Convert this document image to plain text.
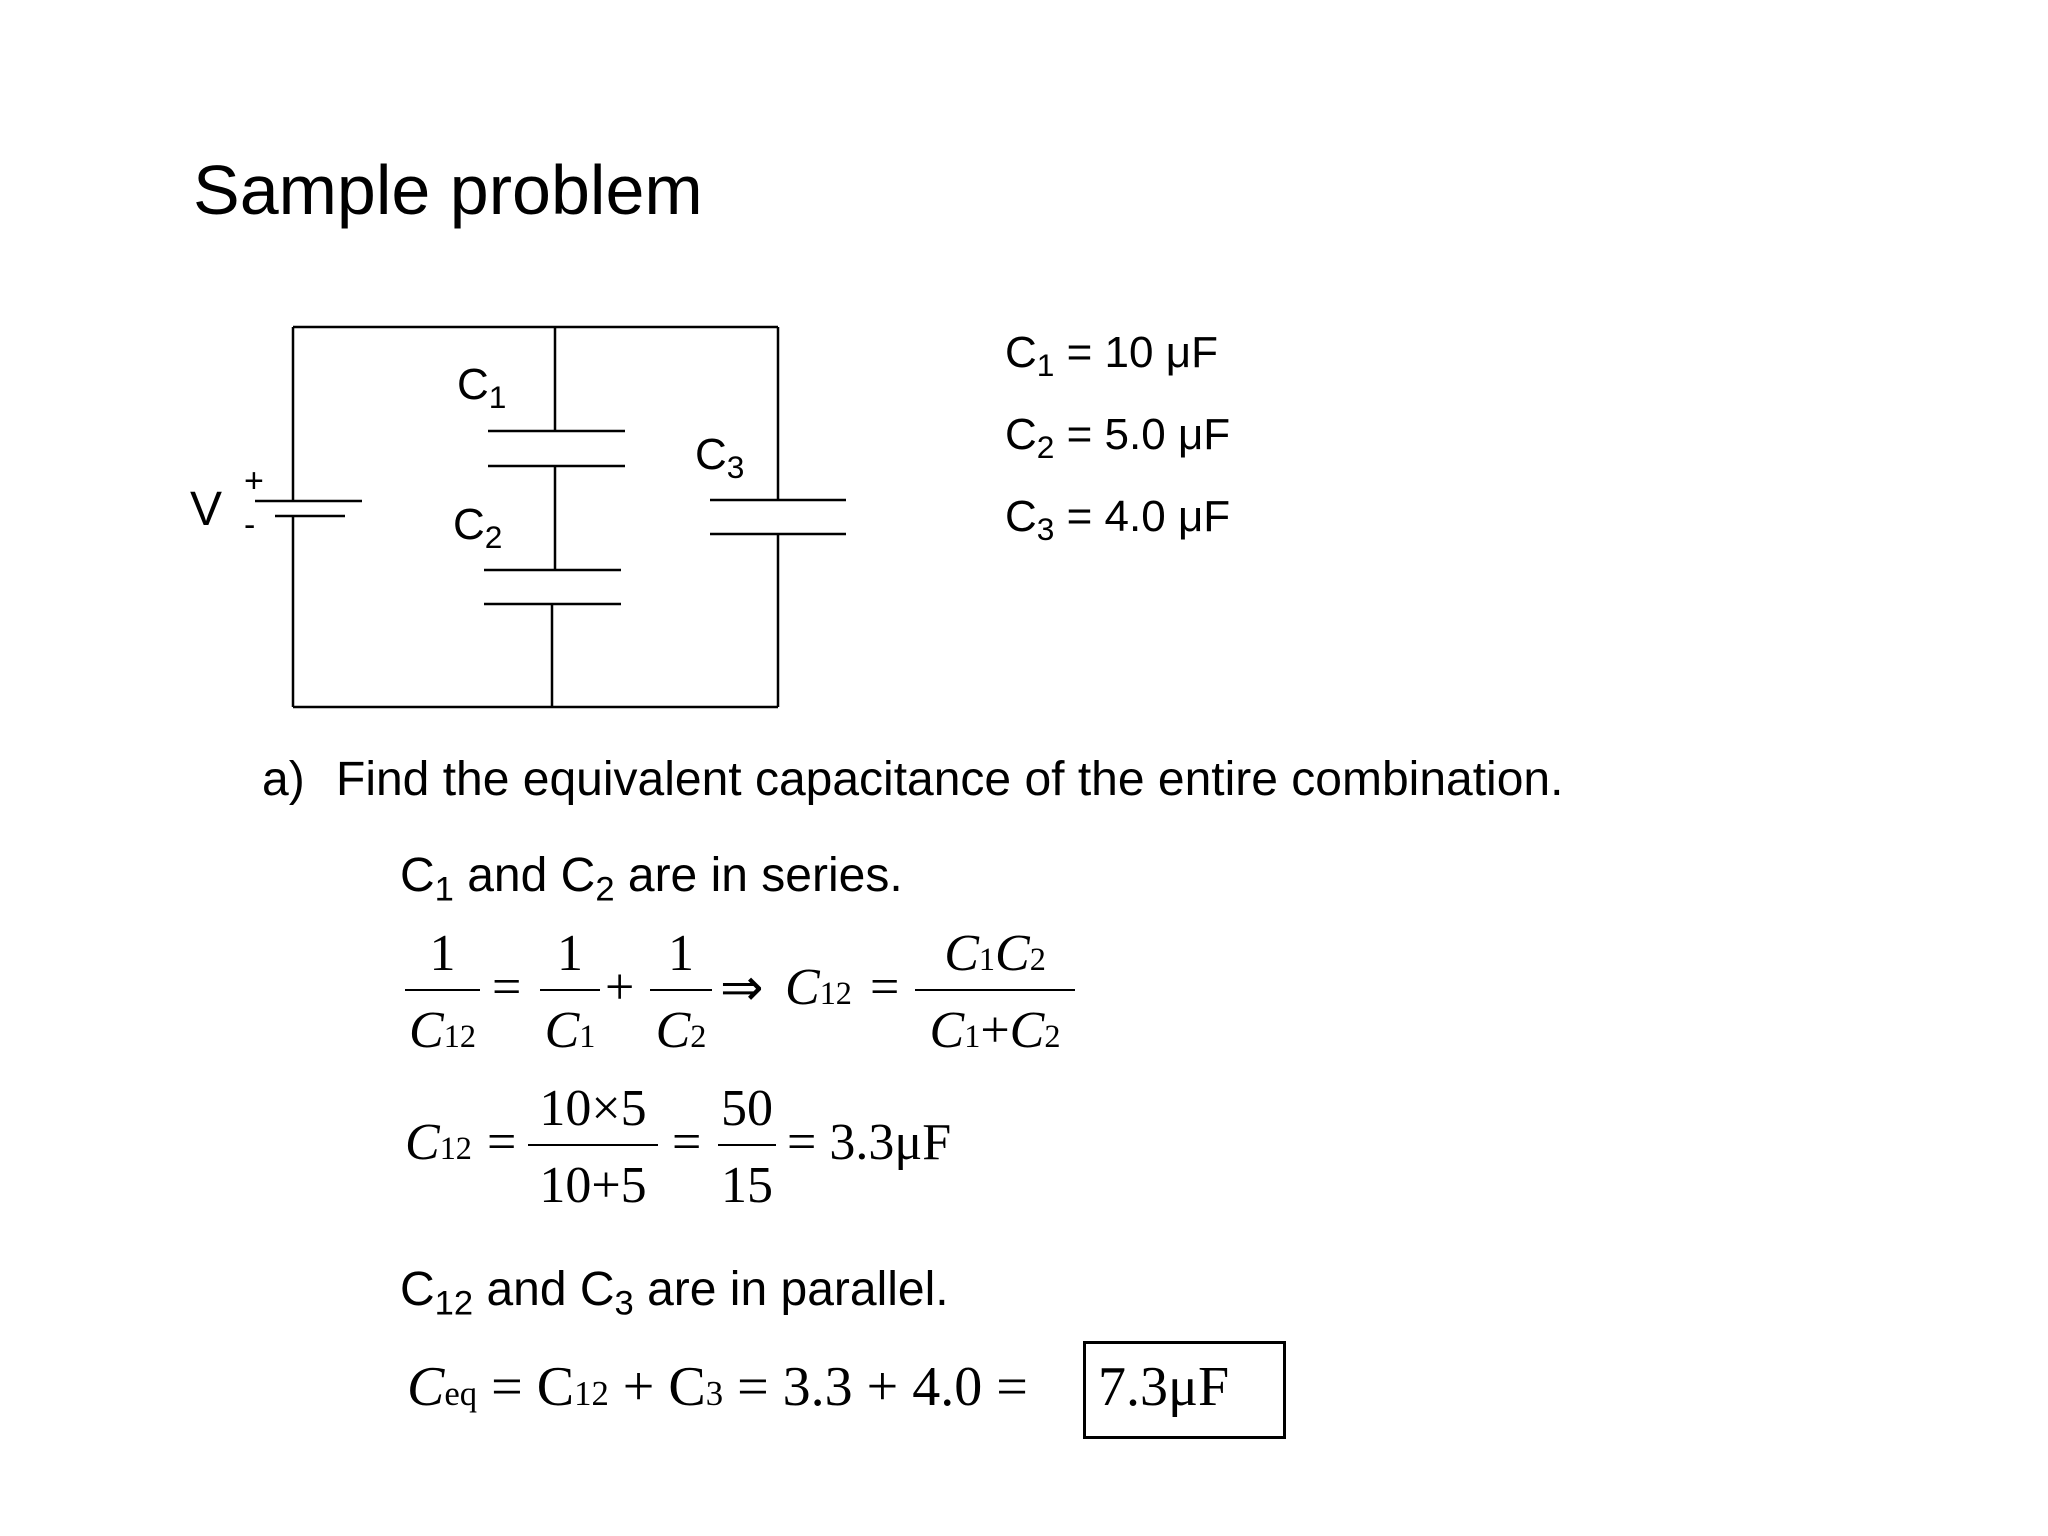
Sample problem
V
+
-
$C_1$
$C_2$
$C_3$
$C_1 = 10$ μF
$C_2 = 5.0$ μF
$C_3 = 4.0$ μF
a) Find the equivalent capacitance of the entire combination.
$C_1$ and $C_2$ are in series.
1
C12
=
1
C1
+
1
C2
⇒ C12 =
C1C2
C1+C2
C12 =
10×5
10+5
=
50
15
= 3.3μF
$C_{12}$ and $C_3$ are in parallel.
Ceq = C12 + C3 = 3.3 + 4.0 = 7.3μF
